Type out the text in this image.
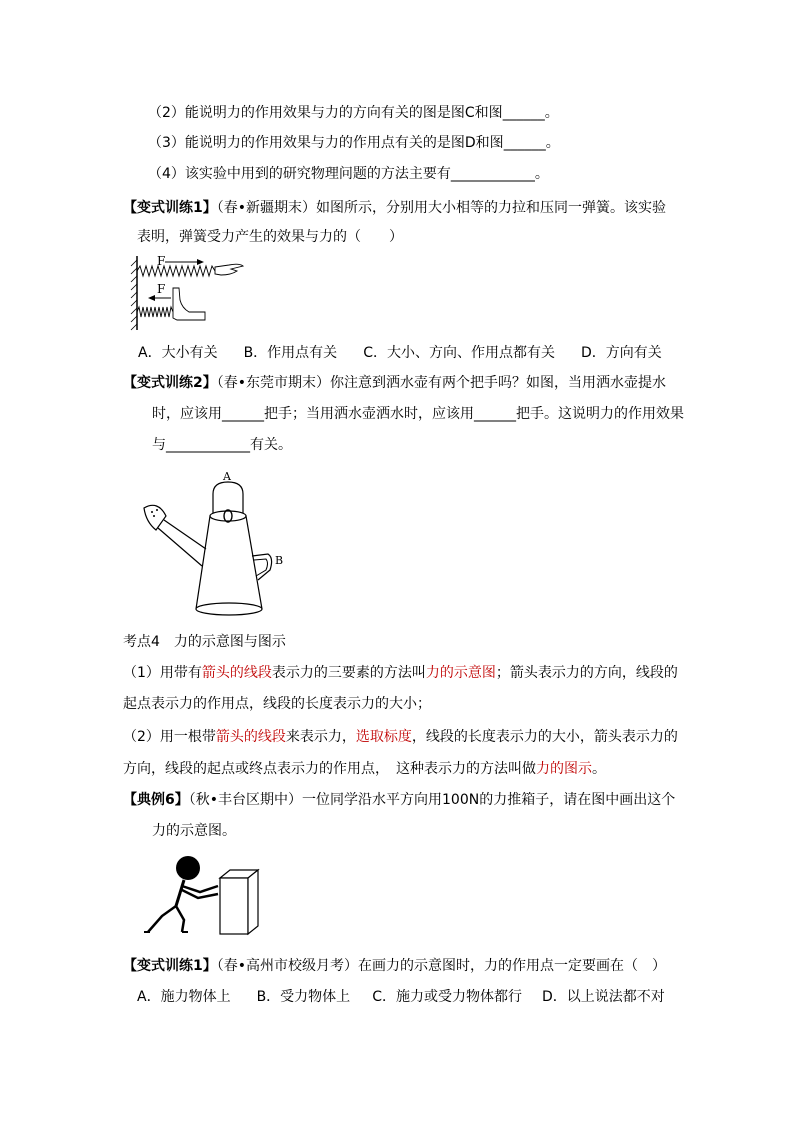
（2）能说明力的作用效果与力的方向有关的图是图C和图______。
（3）能说明力的作用效果与力的作用点有关的是图D和图______。
（4）该实验中用到的研究物理问题的方法主要有____________。
【变式训练1】（春•新疆期末）如图所示，分别用大小相等的力拉和压同一弹簧。该实验
表明，弹簧受力产生的效果与力的（　　）
F
F
A．大小有关 B．作用点有关 C．大小、方向、作用点都有关 D．方向有关
【变式训练2】（春•东莞市期末）你注意到洒水壶有两个把手吗？如图，当用洒水壶提水
时，应该用______把手；当用洒水壶洒水时，应该用______把手。这说明力的作用效果
与____________有关。
A
B
考点4　力的示意图与图示
（1）用带有箭头的线段表示力的三要素的方法叫力的示意图；箭头表示力的方向，线段的
起点表示力的作用点，线段的长度表示力的大小；
（2）用一根带箭头的线段来表示力，选取标度，线段的长度表示力的大小，箭头表示力的
方向，线段的起点或终点表示力的作用点，　这种表示力的方法叫做力的图示。
【典例6】（秋•丰台区期中）一位同学沿水平方向用100N的力推箱子，请在图中画出这个
力的示意图。
【变式训练1】（春•高州市校级月考）在画力的示意图时，力的作用点一定要画在（　）
A．施力物体上 B．受力物体上 C．施力或受力物体都行 D．以上说法都不对
